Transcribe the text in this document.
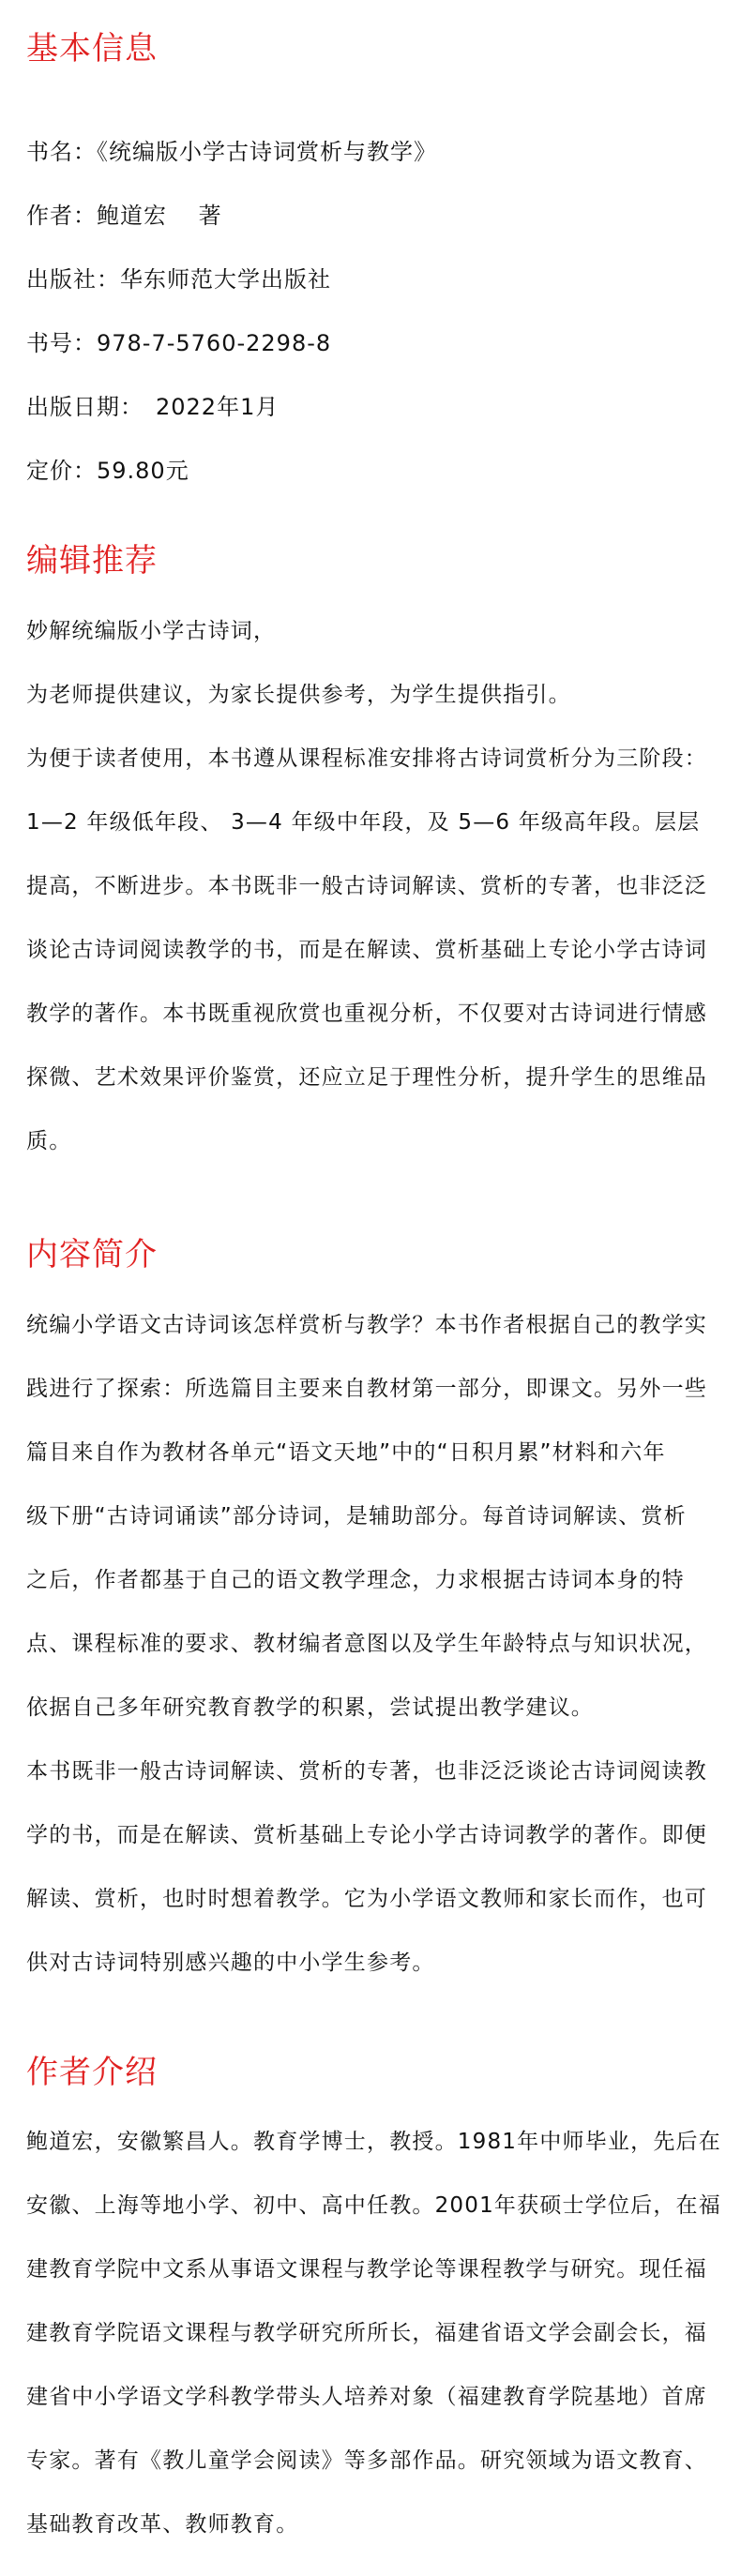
基本信息
书名：《统编版小学古诗词赏析与教学》
作者：鲍道宏　 著
出版社：华东师范大学出版社
书号：978-7-5760-2298-8
出版日期：　2022年1月
定价：59.80元
编辑推荐
妙解统编版小学古诗词，
为老师提供建议，为家长提供参考，为学生提供指引。
为便于读者使用，本书遵从课程标准安排将古诗词赏析分为三阶段：
1—2 年级低年段、 3—4 年级中年段，及 5—6 年级高年段。层层
提高，不断进步。本书既非一般古诗词解读、赏析的专著，也非泛泛
谈论古诗词阅读教学的书，而是在解读、赏析基础上专论小学古诗词
教学的著作。本书既重视欣赏也重视分析，不仅要对古诗词进行情感
探微、艺术效果评价鉴赏，还应立足于理性分析，提升学生的思维品
质。
内容简介
统编小学语文古诗词该怎样赏析与教学？本书作者根据自己的教学实
践进行了探索：所选篇目主要来自教材第一部分，即课文。另外一些
篇目来自作为教材各单元“语文天地”中的“日积月累”材料和六年
级下册“古诗词诵读”部分诗词，是辅助部分。每首诗词解读、赏析
之后，作者都基于自己的语文教学理念，力求根据古诗词本身的特
点、课程标准的要求、教材编者意图以及学生年龄特点与知识状况，
依据自己多年研究教育教学的积累，尝试提出教学建议。
本书既非一般古诗词解读、赏析的专著，也非泛泛谈论古诗词阅读教
学的书，而是在解读、赏析基础上专论小学古诗词教学的著作。即便
解读、赏析，也时时想着教学。它为小学语文教师和家长而作，也可
供对古诗词特别感兴趣的中小学生参考。
作者介绍
鲍道宏，安徽繁昌人。教育学博士，教授。1981年中师毕业，先后在
安徽、上海等地小学、初中、高中任教。2001年获硕士学位后，在福
建教育学院中文系从事语文课程与教学论等课程教学与研究。现任福
建教育学院语文课程与教学研究所所长，福建省语文学会副会长，福
建省中小学语文学科教学带头人培养对象（福建教育学院基地）首席
专家。著有《教儿童学会阅读》等多部作品。研究领域为语文教育、
基础教育改革、教师教育。
